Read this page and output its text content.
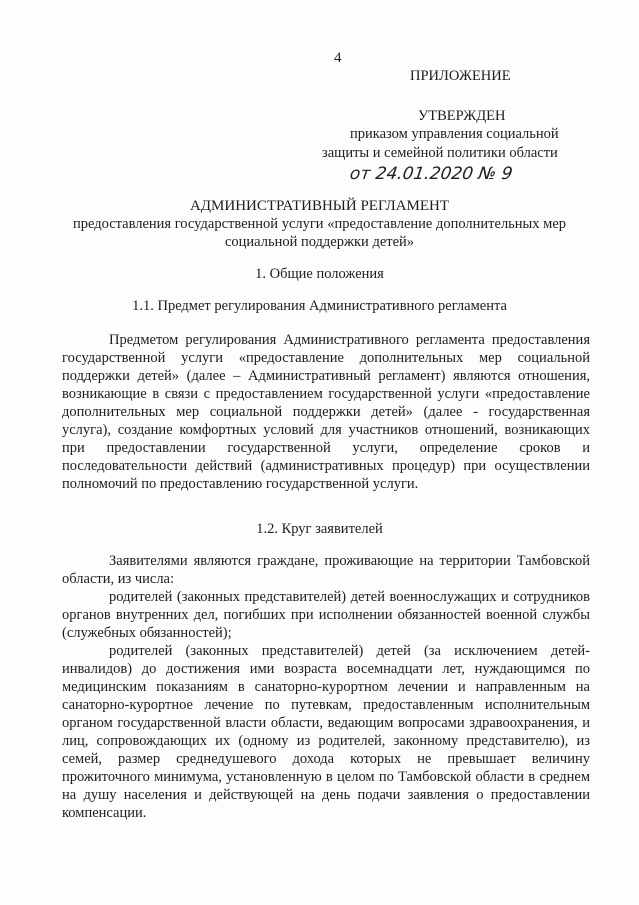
4
ПРИЛОЖЕНИЕ
УТВЕРЖДЕН
приказом управления социальной
защиты и семейной политики области
от 24.01.2020 № 9
АДМИНИСТРАТИВНЫЙ РЕГЛАМЕНТ
предоставления государственной услуги «предоставление дополнительных мер
социальной поддержки детей»
1. Общие положения
1.1. Предмет регулирования Административного регламента

Предметом регулирования Административного регламента предоставления государственной услуги «предоставление дополнительных мер социальной поддержки детей» (далее – Административный регламент) являются отношения, возникающие в связи с предоставлением государственной услуги «предоставление дополнительных мер социальной поддержки детей» (далее - государственная услуга), создание комфортных условий для участников отношений, возникающих при предоставлении государственной услуги, определение сроков и последовательности действий (административных процедур) при осуществлении полномочий по предоставлению государственной услуги.

1.2. Круг заявителей

Заявителями являются граждане, проживающие на территории Тамбовской области, из числа:

родителей (законных представителей) детей военнослужащих и сотрудников органов внутренних дел, погибших при исполнении обязанностей военной службы (служебных обязанностей);

родителей (законных представителей) детей (за исключением детей-инвалидов) до достижения ими возраста восемнадцати лет, нуждающимся по медицинским показаниям в санаторно-курортном лечении и направленным на санаторно-курортное лечение по путевкам, предоставленным исполнительным органом государственной власти области, ведающим вопросами здравоохранения, и лиц, сопровождающих их (одному из родителей, законному представителю), из семей, размер среднедушевого дохода которых не превышает величину прожиточного минимума, установленную в целом по Тамбовской области в среднем на душу населения и действующей на день подачи заявления о предоставлении компенсации.
